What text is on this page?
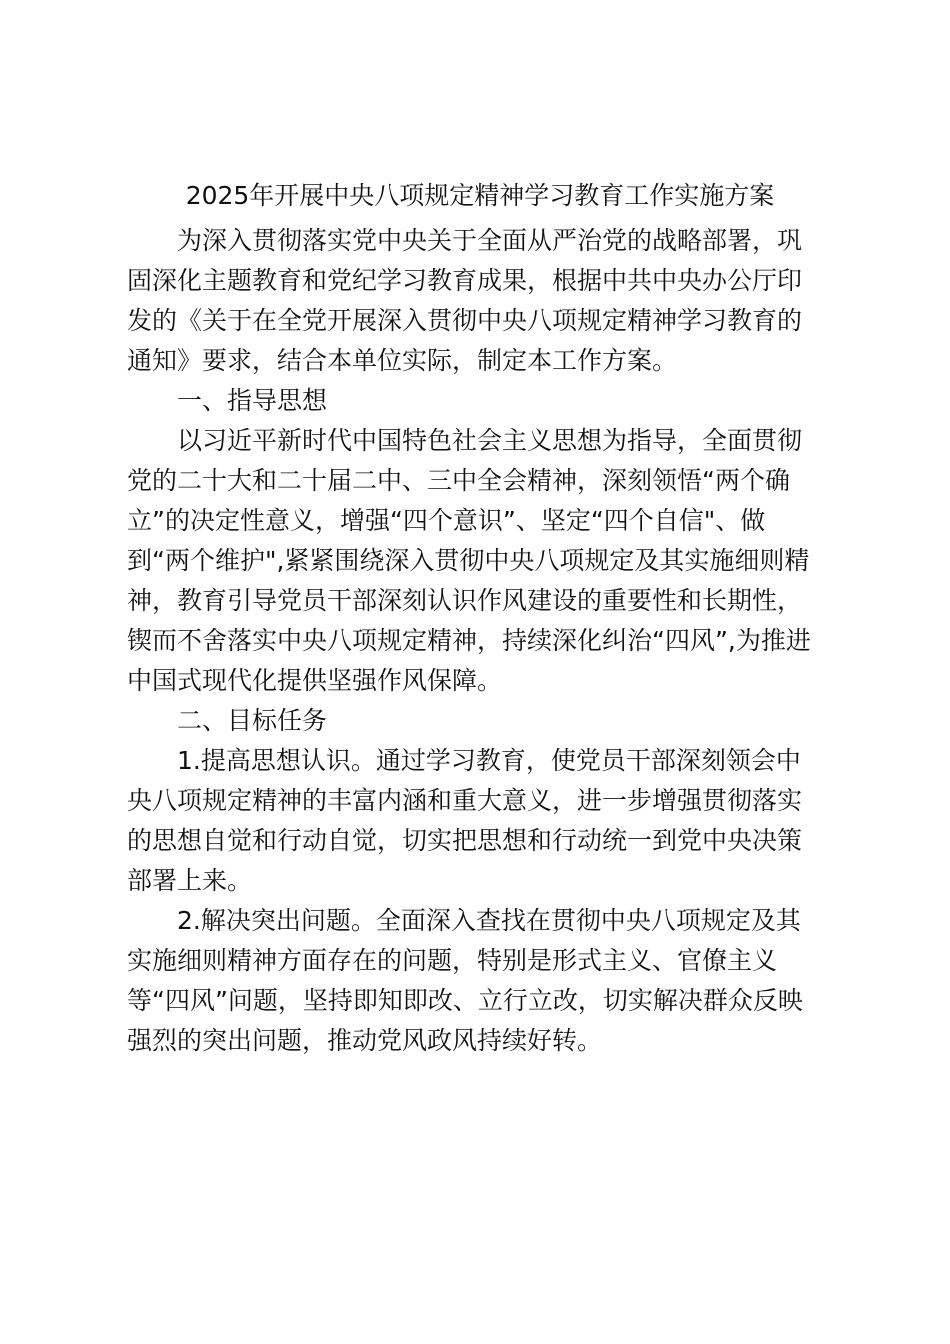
2025年开展中央八项规定精神学习教育工作实施方案

为深入贯彻落实党中央关于全面从严治党的战略部署，巩
固深化主题教育和党纪学习教育成果，根据中共中央办公厅印
发的《关于在全党开展深入贯彻中央八项规定精神学习教育的
通知》要求，结合本单位实际，制定本工作方案。

一、指导思想

以习近平新时代中国特色社会主义思想为指导，全面贯彻
党的二十大和二十届二中、三中全会精神，深刻领悟“两个确
立”的决定性意义，增强“四个意识”、坚定“四个自信"、做
到“两个维护",紧紧围绕深入贯彻中央八项规定及其实施细则精
神，教育引导党员干部深刻认识作风建设的重要性和长期性，
锲而不舍落实中央八项规定精神，持续深化纠治“四风”,为推进
中国式现代化提供坚强作风保障。

二、目标任务

1.提高思想认识。通过学习教育，使党员干部深刻领会中
央八项规定精神的丰富内涵和重大意义，进一步增强贯彻落实
的思想自觉和行动自觉，切实把思想和行动统一到党中央决策
部署上来。

2.解决突出问题。全面深入查找在贯彻中央八项规定及其
实施细则精神方面存在的问题，特别是形式主义、官僚主义
等“四风”问题，坚持即知即改、立行立改，切实解决群众反映
强烈的突出问题，推动党风政风持续好转。
